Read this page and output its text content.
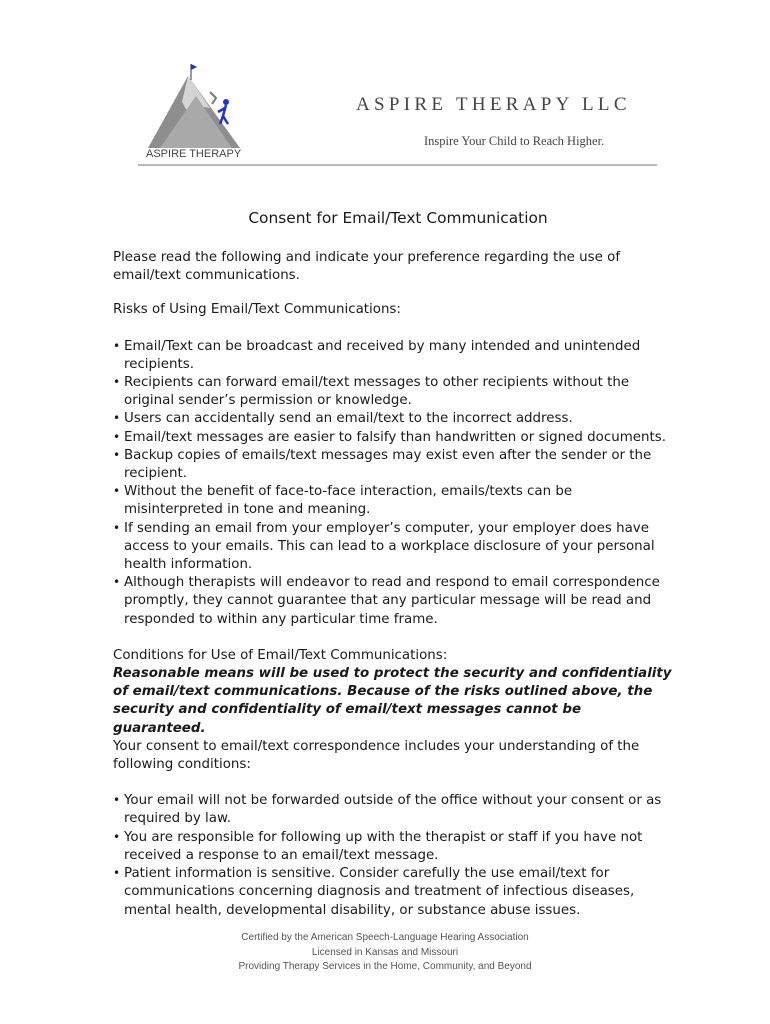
ASPIRE THERAPY
ASPIRE THERAPY LLC
Inspire Your Child to Reach Higher.
Consent for Email/Text Communication

Please read the following and indicate your preference regarding the use of email/text communications.

Risks of Using Email/Text Communications:

• Email/Text can be broadcast and received by many intended and unintended recipients.
• Recipients can forward email/text messages to other recipients without the original sender’s permission or knowledge.
• Users can accidentally send an email/text to the incorrect address.
• Email/text messages are easier to falsify than handwritten or signed documents.
• Backup copies of emails/text messages may exist even after the sender or the recipient.
• Without the benefit of face-to-face interaction, emails/texts can be misinterpreted in tone and meaning.
• If sending an email from your employer’s computer, your employer does have access to your emails. This can lead to a workplace disclosure of your personal health information.
• Although therapists will endeavor to read and respond to email correspondence promptly, they cannot guarantee that any particular message will be read and responded to within any particular time frame.

Conditions for Use of Email/Text Communications:

Reasonable means will be used to protect the security and confidentiality of email/text communications. Because of the risks outlined above, the security and confidentiality of email/text messages cannot be guaranteed.

Your consent to email/text correspondence includes your understanding of the following conditions:

• Your email will not be forwarded outside of the office without your consent or as required by law.
• You are responsible for following up with the therapist or staff if you have not received a response to an email/text message.
• Patient information is sensitive. Consider carefully the use email/text for communications concerning diagnosis and treatment of infectious diseases, mental health, developmental disability, or substance abuse issues.
Certified by the American Speech-Language Hearing Association
Licensed in Kansas and Missouri
Providing Therapy Services in the Home, Community, and Beyond
